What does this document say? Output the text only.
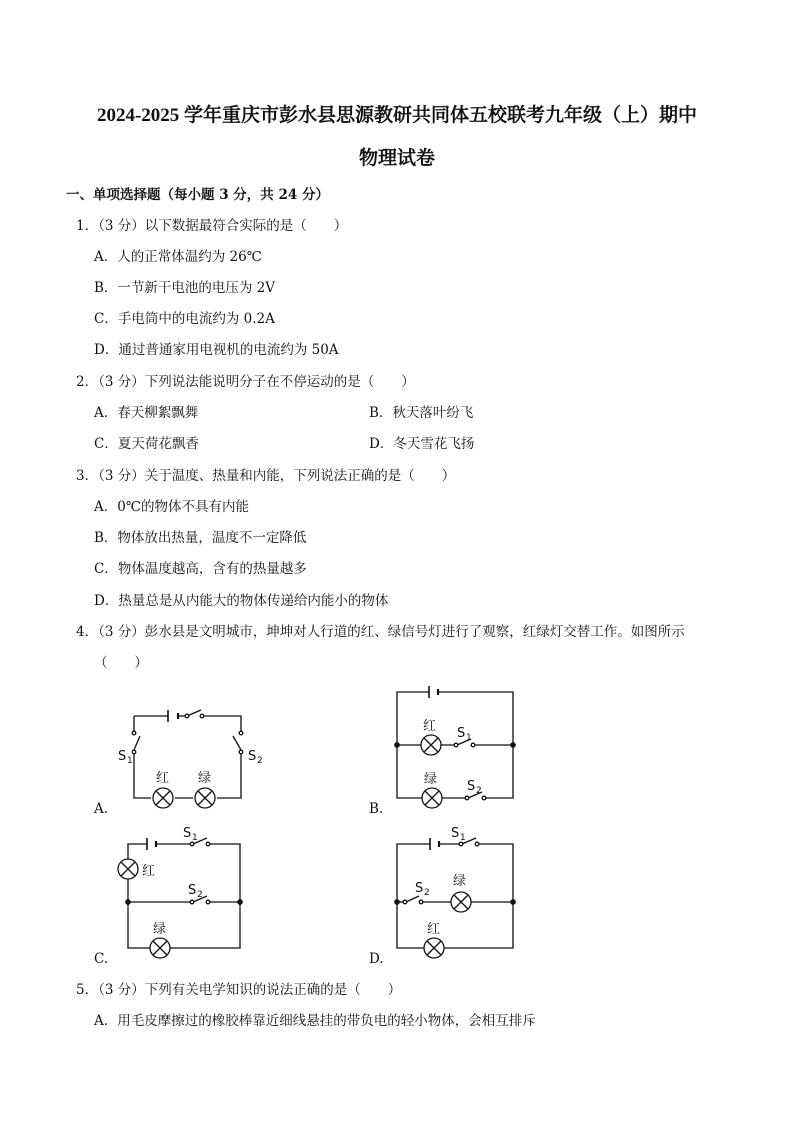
2024-2025 学年重庆市彭水县思源教研共同体五校联考九年级（上）期中
物理试卷
一、单项选择题（每小题 3 分，共 24 分）
1．（3 分）以下数据最符合实际的是（　　）
A．人的正常体温约为 26℃
B．一节新干电池的电压为 2V
C．手电筒中的电流约为 0.2A
D．通过普通家用电视机的电流约为 50A
2．（3 分）下列说法能说明分子在不停运动的是（　　）
A．春天柳絮飘舞	B．秋天落叶纷飞
C．夏天荷花飘香	D．冬天雪花飞扬
3．（3 分）关于温度、热量和内能，下列说法正确的是（　　）
A．0℃的物体不具有内能
B．物体放出热量，温度不一定降低
C．物体温度越高，含有的热量越多
D．热量总是从内能大的物体传递给内能小的物体
4．（3 分）彭水县是文明城市，坤坤对人行道的红、绿信号灯进行了观察，红绿灯交替工作。如图所示
（　　）
S 1	S 2
红 绿
A.
红
绿
S 1
S 2
B.
红
绿
S 1
S 2
C.
绿
红
S 1
S 2
D.
5．（3 分）下列有关电学知识的说法正确的是（　　）
A．用毛皮摩擦过的橡胶棒靠近细线悬挂的带负电的轻小物体，会相互排斥
